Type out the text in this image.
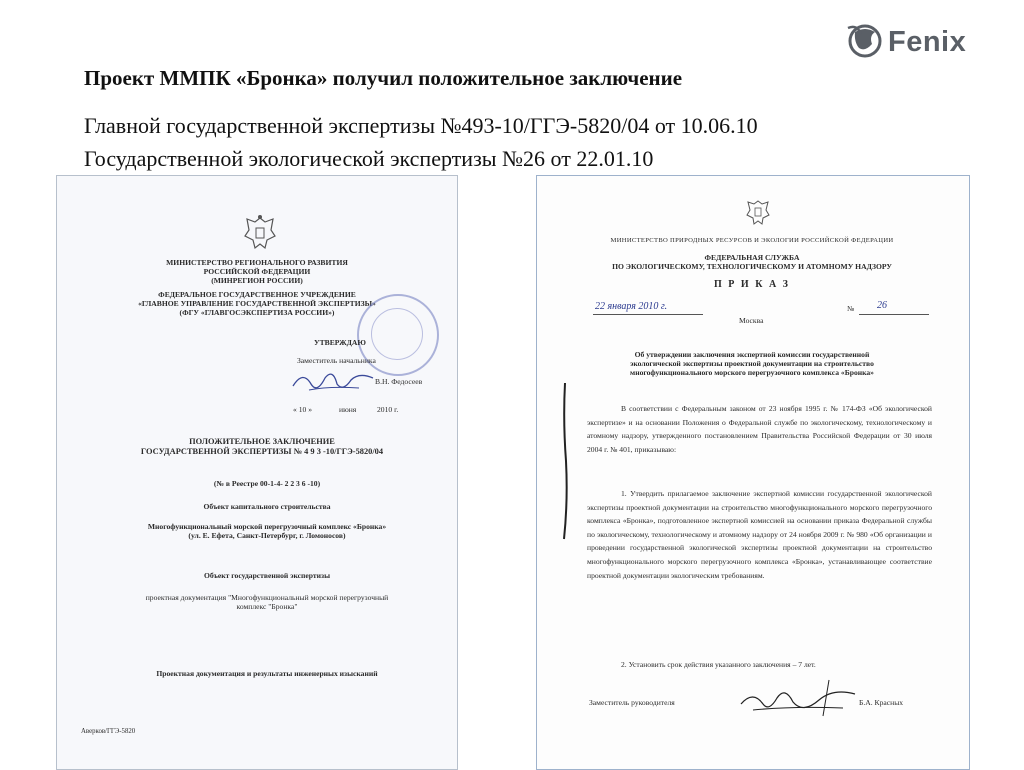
Fenix
Проект ММПК «Бронка» получил положительное заключение
Главной государственной экспертизы №493-10/ГГЭ-5820/04 от 10.06.10
Государственной экологической экспертизы №26 от 22.01.10
МИНИСТЕРСТВО РЕГИОНАЛЬНОГО РАЗВИТИЯ
РОССИЙСКОЙ ФЕДЕРАЦИИ
(МИНРЕГИОН РОССИИ)
ФЕДЕРАЛЬНОЕ ГОСУДАРСТВЕННОЕ УЧРЕЖДЕНИЕ
«ГЛАВНОЕ УПРАВЛЕНИЕ ГОСУДАРСТВЕННОЙ ЭКСПЕРТИЗЫ»
(ФГУ «ГЛАВГОСЭКСПЕРТИЗА РОССИИ»)
УТВЕРЖДАЮ
Заместитель начальника
В.Н. Федосеев
« 10 »	июня	2010 г.
ПОЛОЖИТЕЛЬНОЕ ЗАКЛЮЧЕНИЕ
ГОСУДАРСТВЕННОЙ ЭКСПЕРТИЗЫ № 4 9 3 -10/ГГЭ-5820/04
(№ в Реестре 00-1-4- 2 2 3 6 -10)
Объект капитального строительства
Многофункциональный морской перегрузочный комплекс «Бронка»
(ул. Е. Ефета, Санкт-Петербург, г. Ломоносов)
Объект государственной экспертизы
проектная документация "Многофункциональный морской перегрузочный
комплекс "Бронка"
Проектная документация и результаты инженерных изысканий
Аверков/ГГЭ-5820
МИНИСТЕРСТВО ПРИРОДНЫХ РЕСУРСОВ И ЭКОЛОГИИ РОССИЙСКОЙ ФЕДЕРАЦИИ
ФЕДЕРАЛЬНАЯ СЛУЖБА
ПО ЭКОЛОГИЧЕСКОМУ, ТЕХНОЛОГИЧЕСКОМУ И АТОМНОМУ НАДЗОРУ
П Р И К А З
22 января 2010 г.	№ 26
Москва
Об утверждении заключения экспертной комиссии государственной
экологической экспертизы проектной документации на строительство
многофункционального морского перегрузочного комплекса «Бронка»
В соответствии с Федеральным законом от 23 ноября 1995 г. № 174-ФЗ «Об экологической экспертизе» и на основании Положения о Федеральной службе по экологическому, технологическому и атомному надзору, утвержденного постановлением Правительства Российской Федерации от 30 июля 2004 г. № 401, приказываю:
1. Утвердить прилагаемое заключение экспертной комиссии государственной экологической экспертизы проектной документации на строительство многофункционального морского перегрузочного комплекса «Бронка», подготовленное экспертной комиссией на основании приказа Федеральной службы по экологическому, технологическому и атомному надзору от 24 ноября 2009 г. № 980 «Об организации и проведении государственной экологической экспертизы проектной документации на строительство многофункционального морского перегрузочного комплекса «Бронка», устанавливающее соответствие проектной документации экологическим требованиям.
2. Установить срок действия указанного заключения – 7 лет.
Заместитель руководителя	Б.А. Красных
